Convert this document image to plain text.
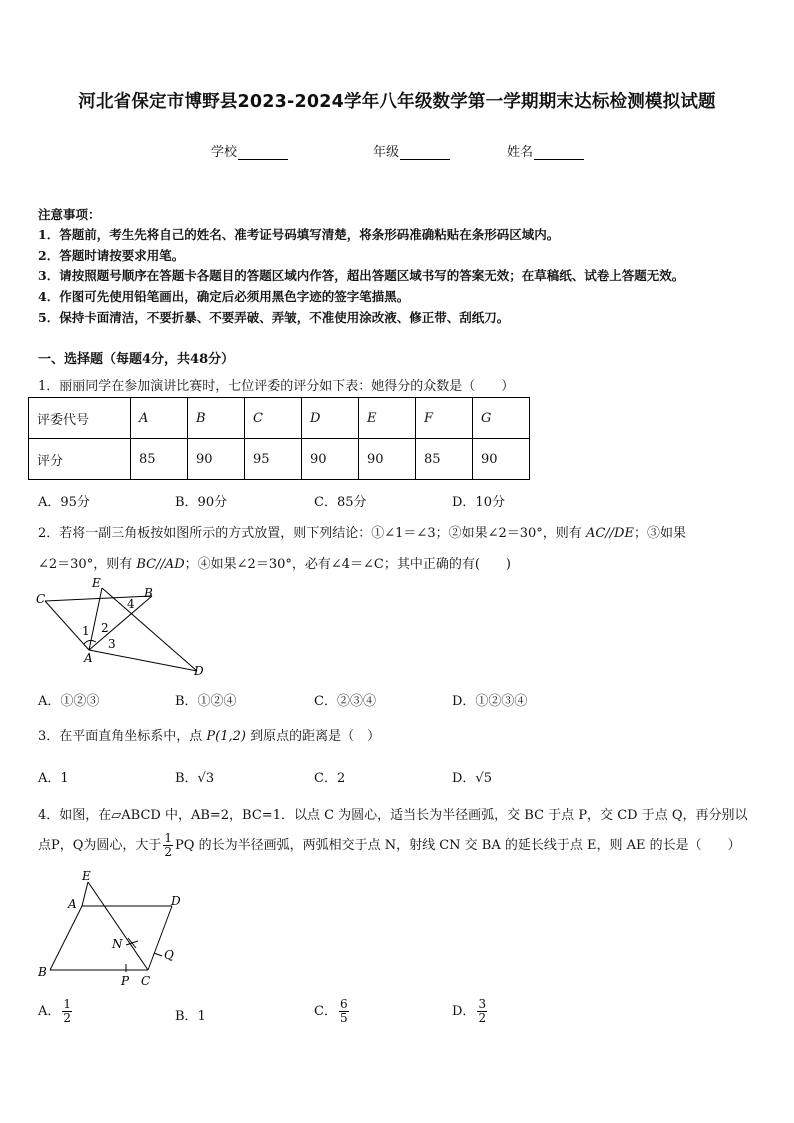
河北省保定市博野县2023-2024学年八年级数学第一学期期末达标检测模拟试题
学校	年级	姓名
注意事项：
1．答题前，考生先将自己的姓名、准考证号码填写清楚，将条形码准确粘贴在条形码区域内。
2．答题时请按要求用笔。
3．请按照题号顺序在答题卡各题目的答题区域内作答，超出答题区域书写的答案无效；在草稿纸、试卷上答题无效。
4．作图可先使用铅笔画出，确定后必须用黑色字迹的签字笔描黑。
5．保持卡面清洁，不要折暴、不要弄破、弄皱，不准使用涂改液、修正带、刮纸刀。
一、选择题（每题4分，共48分）
1．丽丽同学在参加演讲比赛时，七位评委的评分如下表：她得分的众数是（　　）
评委代号	A	B	C	D	E	F	G
评分	85	90	95	90	90	85	90
A．95分	B．90分	C．85分	D．10分
2．若将一副三角板按如图所示的方式放置，则下列结论：①∠1＝∠3；②如果∠2＝30°，则有 AC//DE；③如果
∠2＝30°，则有 BC//AD；④如果∠2＝30°，必有∠4＝∠C；其中正确的有(　　)
C
E
B
A
D
1 2
3
4
A．①②③	B．①②④	C．②③④	D．①②③④
3．在平面直角坐标系中，点 P(1,2) 到原点的距离是（　）
A．1	B．√3	C．2	D．√5
4．如图，在▱ABCD 中，AB=2，BC=1．以点 C 为圆心，适当长为半径画弧，交 BC 于点 P，交 CD 于点 Q，再分别以
点P，Q为圆心，大于 $\frac{1}{2}$ PQ 的长为半径画弧，两弧相交于点 N，射线 CN 交 BA 的延长线于点 E，则 AE 的长是（　　）
E
A	D
N
Q
B
P C
A． $\frac{1}{2}$	B．1	C． $\frac{6}{5}$	D． $\frac{3}{2}$
